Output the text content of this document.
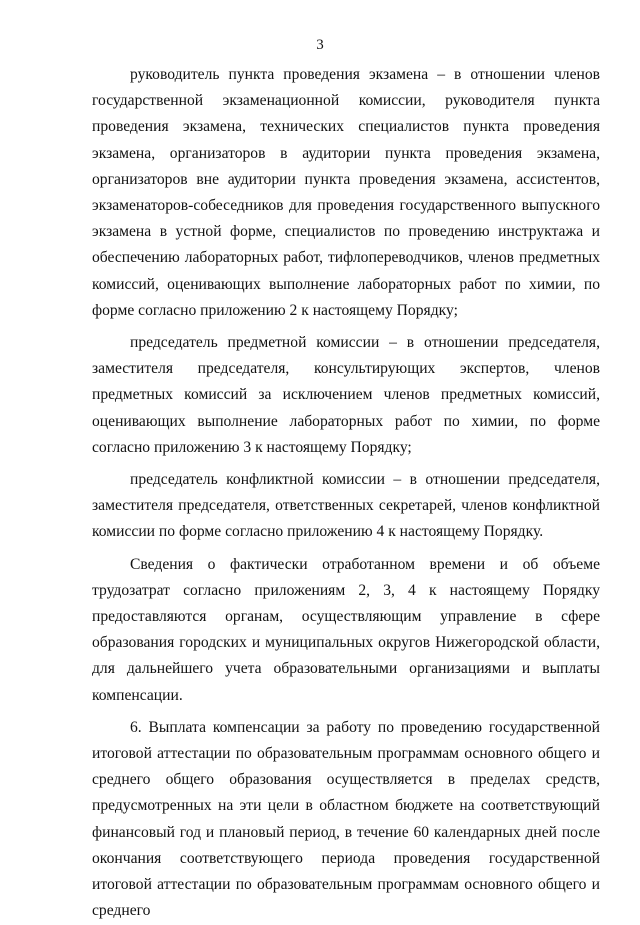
3

руководитель пункта проведения экзамена – в отношении членов государственной экзаменационной комиссии, руководителя пункта проведения экзамена, технических специалистов пункта проведения экзамена, организаторов в аудитории пункта проведения экзамена, организаторов вне аудитории пункта проведения экзамена, ассистентов, экзаменаторов-собеседников для проведения государственного выпускного экзамена в устной форме, специалистов по проведению инструктажа и обеспечению лабораторных работ, тифлопереводчиков, членов предметных комиссий, оценивающих выполнение лабораторных работ по химии, по форме согласно приложению 2 к настоящему Порядку;

председатель предметной комиссии – в отношении председателя, заместителя председателя, консультирующих экспертов, членов предметных комиссий за исключением членов предметных комиссий, оценивающих выполнение лабораторных работ по химии, по форме согласно приложению 3 к настоящему Порядку;

председатель конфликтной комиссии – в отношении председателя, заместителя председателя, ответственных секретарей, членов конфликтной комиссии по форме согласно приложению 4 к настоящему Порядку.

Сведения о фактически отработанном времени и об объеме трудозатрат согласно приложениям 2, 3, 4 к настоящему Порядку предоставляются органам, осуществляющим управление в сфере образования городских и муниципальных округов Нижегородской области, для дальнейшего учета образовательными организациями и выплаты компенсации.

6. Выплата компенсации за работу по проведению государственной итоговой аттестации по образовательным программам основного общего и среднего общего образования осуществляется в пределах средств, предусмотренных на эти цели в областном бюджете на соответствующий финансовый год и плановый период, в течение 60 календарных дней после окончания соответствующего периода проведения государственной итоговой аттестации по образовательным программам основного общего и среднего
